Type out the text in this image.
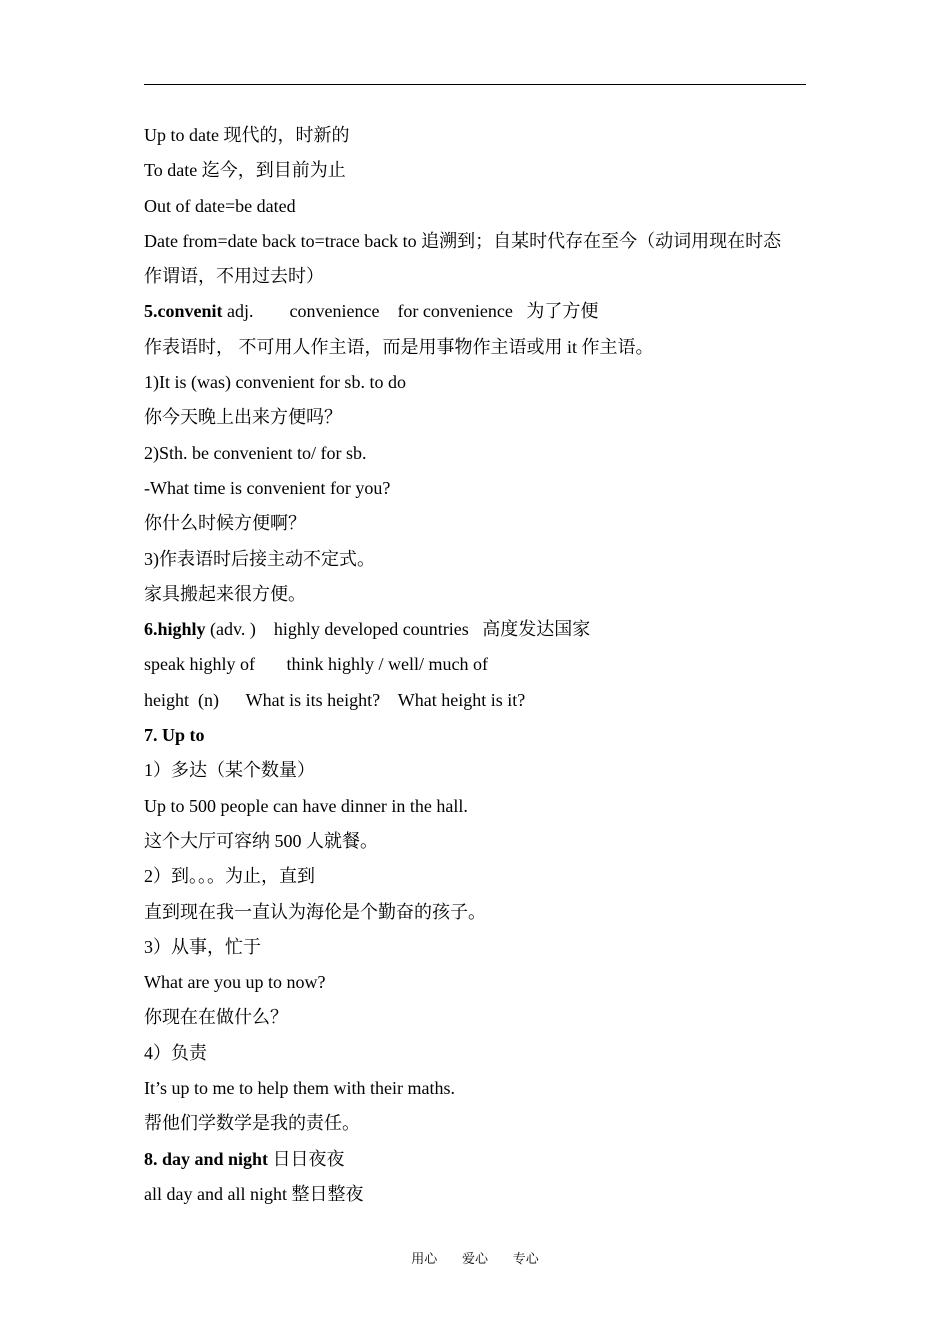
Up to date 现代的，时新的
To date 迄今，到目前为止
Out of date=be dated
Date from=date back to=trace back to 追溯到；自某时代存在至今（动词用现在时态
作谓语，不用过去时）
5.convenit adj.        convenience    for convenience   为了方便
作表语时， 不可用人作主语，而是用事物作主语或用 it 作主语。
1)It is (was) convenient for sb. to do
你今天晚上出来方便吗？
2)Sth. be convenient to/ for sb.
-What time is convenient for you?
你什么时候方便啊？
3)作表语时后接主动不定式。
家具搬起来很方便。
6.highly (adv. )    highly developed countries   高度发达国家
speak highly of       think highly / well/ much of
height  (n)      What is its height?    What height is it?
7. Up to
1）多达（某个数量）
Up to 500 people can have dinner in the hall.
这个大厅可容纳 500 人就餐。
2）到。。。为止，直到
直到现在我一直认为海伦是个勤奋的孩子。
3）从事，忙于
What are you up to now?
你现在在做什么？
4）负责
It’s up to me to help them with their maths.
帮他们学数学是我的责任。
8. day and night 日日夜夜
all day and all night 整日整夜
用心      爱心      专心
